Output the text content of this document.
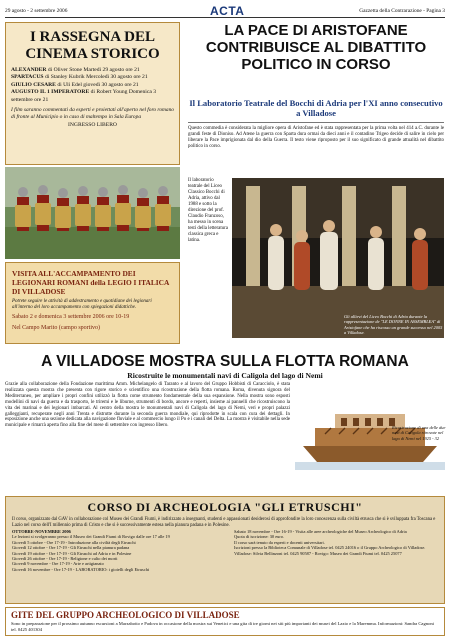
29 agosto - 2 settembre 2006	ACTA	Gazzetta della Contrarazione - Pagina 3
I RASSEGNA DEL CINEMA STORICO
ALEXANDER di Oliver Stone Martedì 29 agosto ore 21
SPARTACUS di Stanley Kubrik Mercoledì 30 agosto ore 21
GIULIO CESARE di Uli Edel giovedì 30 agosto ore 21
AUGUSTO IL 1 IMPERATORE di Robert Young Domenica 3 settembre ore 21
I film saranno commentati da esperti e proiettati all'aperto nel foro romano di fronte al Municipio o in caso di maltempo in Sala Europa
INGRESSO LIBERO
VISITA ALL'ACCAMPAMENTO DEI LEGIONARI ROMANI della LEGIO I ITALICA DI VILLADOSE
Potrete seguire le attività di addestramento e quotidiane dei legionari all'interno del loro accampamento con spiegazioni didattiche.
Sabato 2 e domenica 3 settembre 2006 ore 10-19
Nel Campo Marito (campo sportivo)
LA PACE DI ARISTOFANE CONTRIBUISCE AL DIBATTITO POLITICO IN CORSO
Il Laboratorio Teatrale del Bocchi di Adria per l'XI anno consecutivo a Villadose
Questo commedia è considerata la migliore opera di Aristofane ed è stata rappresentata per la prima volta nel 414 a.C. durante le grandi feste di Dioniso. Ad Atene la guerra con Sparta dura ormai da dieci anni e il contadino Trigeo decide di salire in cielo per liberare la Pace imprigionata dal dio della Guerra. Il testo viene riproposto per il suo significato di grande attualità nel dibattito politico in corso.
Il laboratorio teatrale del Liceo Classico Bocchi di Adria, attivo dal 1988 e sotto la direzione del prof. Claudio Franzoso, ha messo in scena testi della letteratura classica greca e latina.
Gli allievi del Liceo Bocchi di Adria durante la rappresentazione de "LE DONNE IN ASSEMBLEA" di Aristofane che ha riscosso un grande successo nel 2005 a Villadose.
A VILLADOSE MOSTRA SULLA FLOTTA ROMANA
Ricostruite le monumentali navi di Caligola del lago di Nemi
Grazie alla collaborazione della Fondazione marittima Amm. Michelangelo di Taranto e al lavoro del Gruppo Hobbisti di Caracciolo, è stata realizzata questa mostra che presenta con rigore storico e scientifico una ricostruzione della flotta romana. Roma, divenuta signora del Mediterraneo, per ampliare i propri confini utilizzò la flotta come strumento fondamentale della sua espansione. Nella mostra sono esposti modellini di navi da guerra e da trasporto, le triremi e le liburne, strumenti di bordo, ancore e reperti, insieme ai pannelli che ricostruiscono la vita dei marinai e dei legionari imbarcati. Al centro della mostra le monumentali navi di Caligola del lago di Nemi, veri e propri palazzi galleggianti, recuperate negli anni Trenta e distrutte durante la seconda guerra mondiale, qui riprodotte in scala con cura dei dettagli. In esposizione anche una sezione dedicata alla navigazione fluviale e al commercio lungo il Po e i canali del Delta. La mostra è visitabile nella sede municipale e rimarrà aperta fino alla fine del mese di settembre con ingresso libero.	Ricostruzione di una delle due navi di Caligola ritrovate nel lago di Nemi nel 1925 - 32
CORSO DI ARCHEOLOGIA "GLI ETRUSCHI"
Il corso, organizzato dal GAV in collaborazione col Museo dei Grandi Fiumi, è indirizzato a insegnanti, studenti e appassionati desiderosi di approfondire la loro conoscenza sulla civiltà etrusca che si è sviluppata fra Toscana e Lazio nel corso dell'I millennio prima di Cristo e che si è successivamente estesa nella pianura padana e in Polesine.
OTTOBRE-NOVEMBRE 2006
Le lezioni si svolgeranno presso il Museo dei Grandi Fiumi di Rovigo dalle ore 17 alle 19
Giovedì 5 ottobre - Ore 17-19 - Introduzione alla civiltà degli Etruschi
Giovedì 12 ottobre - Ore 17-19 - Gli Etruschi nella pianura padana
Giovedì 19 ottobre - Ore 17-19 - Gli Etruschi ad Adria e in Polesine
Giovedì 26 ottobre - Ore 17-19 - Religione e culto dei morti
Giovedì 9 novembre - Ore 17-19 - Arte e artigianato
Giovedì 16 novembre - Ore 17-19 - LABORATORIO: i gioielli degli Etruschi
Sabato 18 novembre - Ore 16-19 - Visita alle aree archeologiche del Museo Archeologico di Adria
Quota di iscrizione: 30 euro.
Il corso sarà tenuto da esperti e docenti universitari.
Iscrizioni presso la Biblioteca Comunale di Villadose tel. 0425 24016 o il Gruppo Archeologico di Villadose.
Villadose: Silvia Bellinzoni tel. 0425 90587 - Rovigo: Museo dei Grandi Fiumi tel. 0425 25077
GITE DEL GRUPPO ARCHEOLOGICO DI VILLADOSE
Sono in preparazione per il prossimo autunno escursioni a Marzabotto e Padova in occasione della mostra sui Venetici e una gita di tre giorni nei siti più importanti dei musei del Lazio e la Maremma. Informazioni: Sandra Cagnoni tel. 0425 401304
